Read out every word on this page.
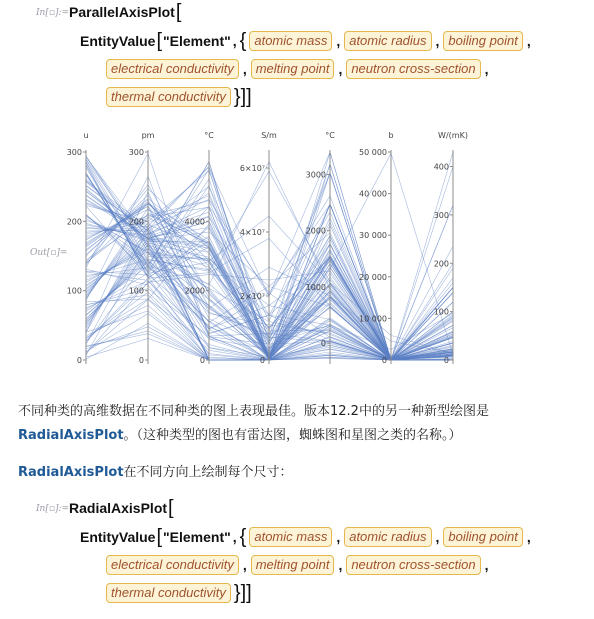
In[▫]:= ParallelAxisPlot [
EntityValue [ "Element" , { atomic mass , atomic radius , boiling point ,
electrical conductivity , melting point , neutron cross-section ,
thermal conductivity }]]
Out[▫]=
u
0
100
200
300
pm
0
100
200
300
°C
0
2000
4000
S/m
0
2×10⁷
4×10⁷
6×10⁷
°C
0
1000
2000
3000
b
0
10 000
20 000
30 000
40 000
50 000
W/(mK)
0
100
200
300
400
不同种类的高维数据在不同种类的图上表现最佳。版本12.2中的另一种新型绘图是
RadialAxisPlot。（这种类型的图也有雷达图，蜘蛛图和星图之类的名称。）
RadialAxisPlot在不同方向上绘制每个尺寸：
In[▫]:= RadialAxisPlot [
EntityValue [ "Element" , { atomic mass , atomic radius , boiling point ,
electrical conductivity , melting point , neutron cross-section ,
thermal conductivity }]]
